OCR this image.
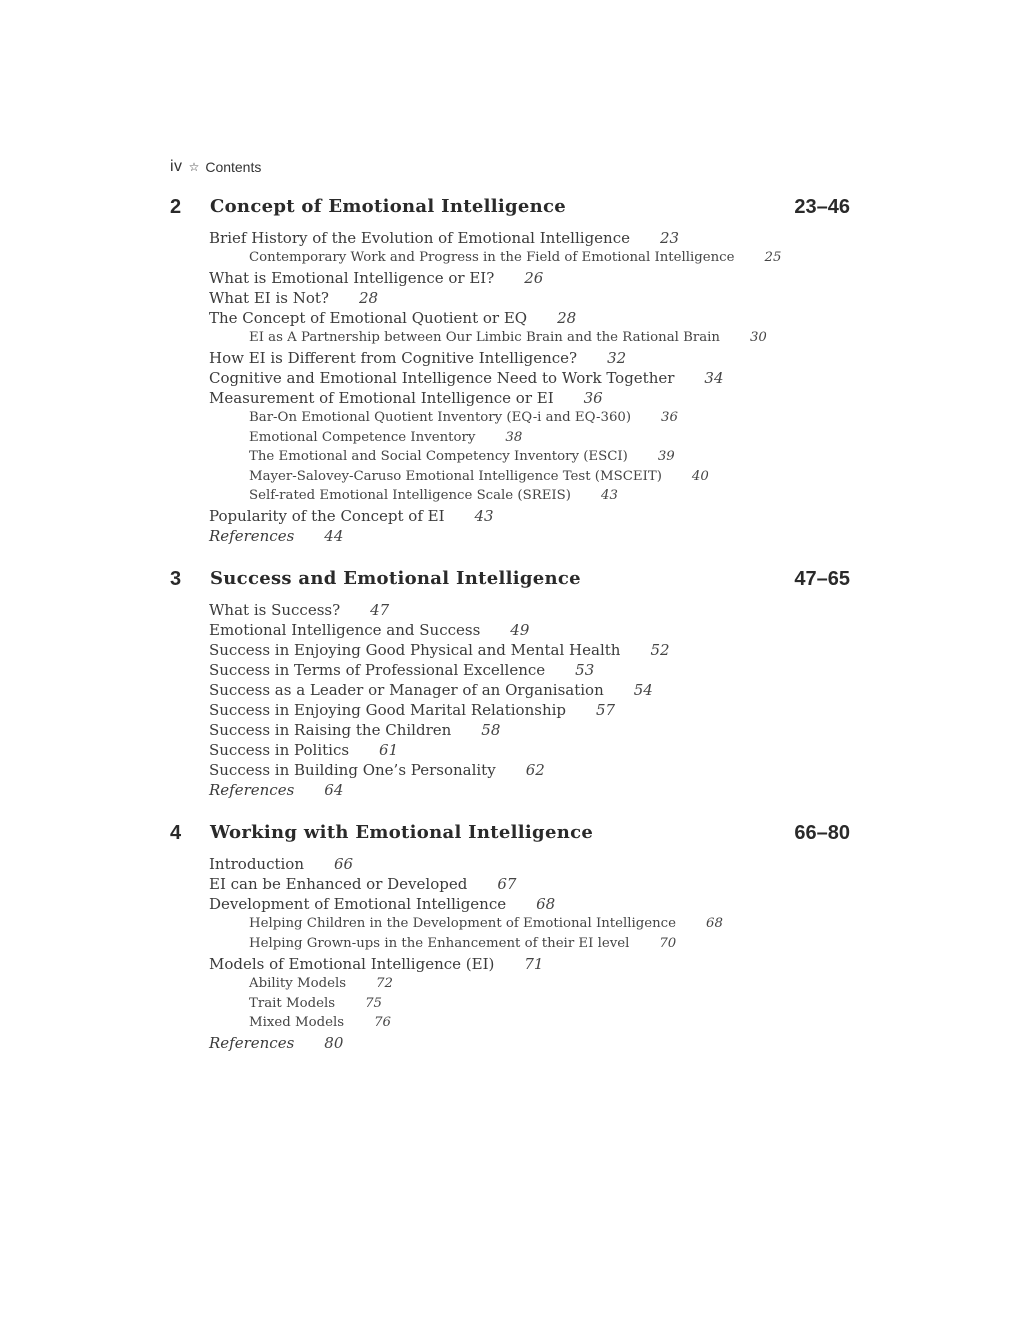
iv ☆ Contents
2 Concept of Emotional Intelligence	23–46
Brief History of the Evolution of Emotional Intelligence 23
Contemporary Work and Progress in the Field of Emotional Intelligence 25
What is Emotional Intelligence or EI? 26
What EI is Not? 28
The Concept of Emotional Quotient or EQ 28
EI as A Partnership between Our Limbic Brain and the Rational Brain 30
How EI is Different from Cognitive Intelligence? 32
Cognitive and Emotional Intelligence Need to Work Together 34
Measurement of Emotional Intelligence or EI 36
Bar-On Emotional Quotient Inventory (EQ-i and EQ-360) 36
Emotional Competence Inventory 38
The Emotional and Social Competency Inventory (ESCI) 39
Mayer-Salovey-Caruso Emotional Intelligence Test (MSCEIT) 40
Self-rated Emotional Intelligence Scale (SREIS) 43
Popularity of the Concept of EI 43
References 44
3 Success and Emotional Intelligence	47–65
What is Success? 47
Emotional Intelligence and Success 49
Success in Enjoying Good Physical and Mental Health 52
Success in Terms of Professional Excellence 53
Success as a Leader or Manager of an Organisation 54
Success in Enjoying Good Marital Relationship 57
Success in Raising the Children 58
Success in Politics 61
Success in Building One’s Personality 62
References 64
4 Working with Emotional Intelligence	66–80
Introduction 66
EI can be Enhanced or Developed 67
Development of Emotional Intelligence 68
Helping Children in the Development of Emotional Intelligence 68
Helping Grown-ups in the Enhancement of their EI level 70
Models of Emotional Intelligence (EI) 71
Ability Models 72
Trait Models 75
Mixed Models 76
References 80
